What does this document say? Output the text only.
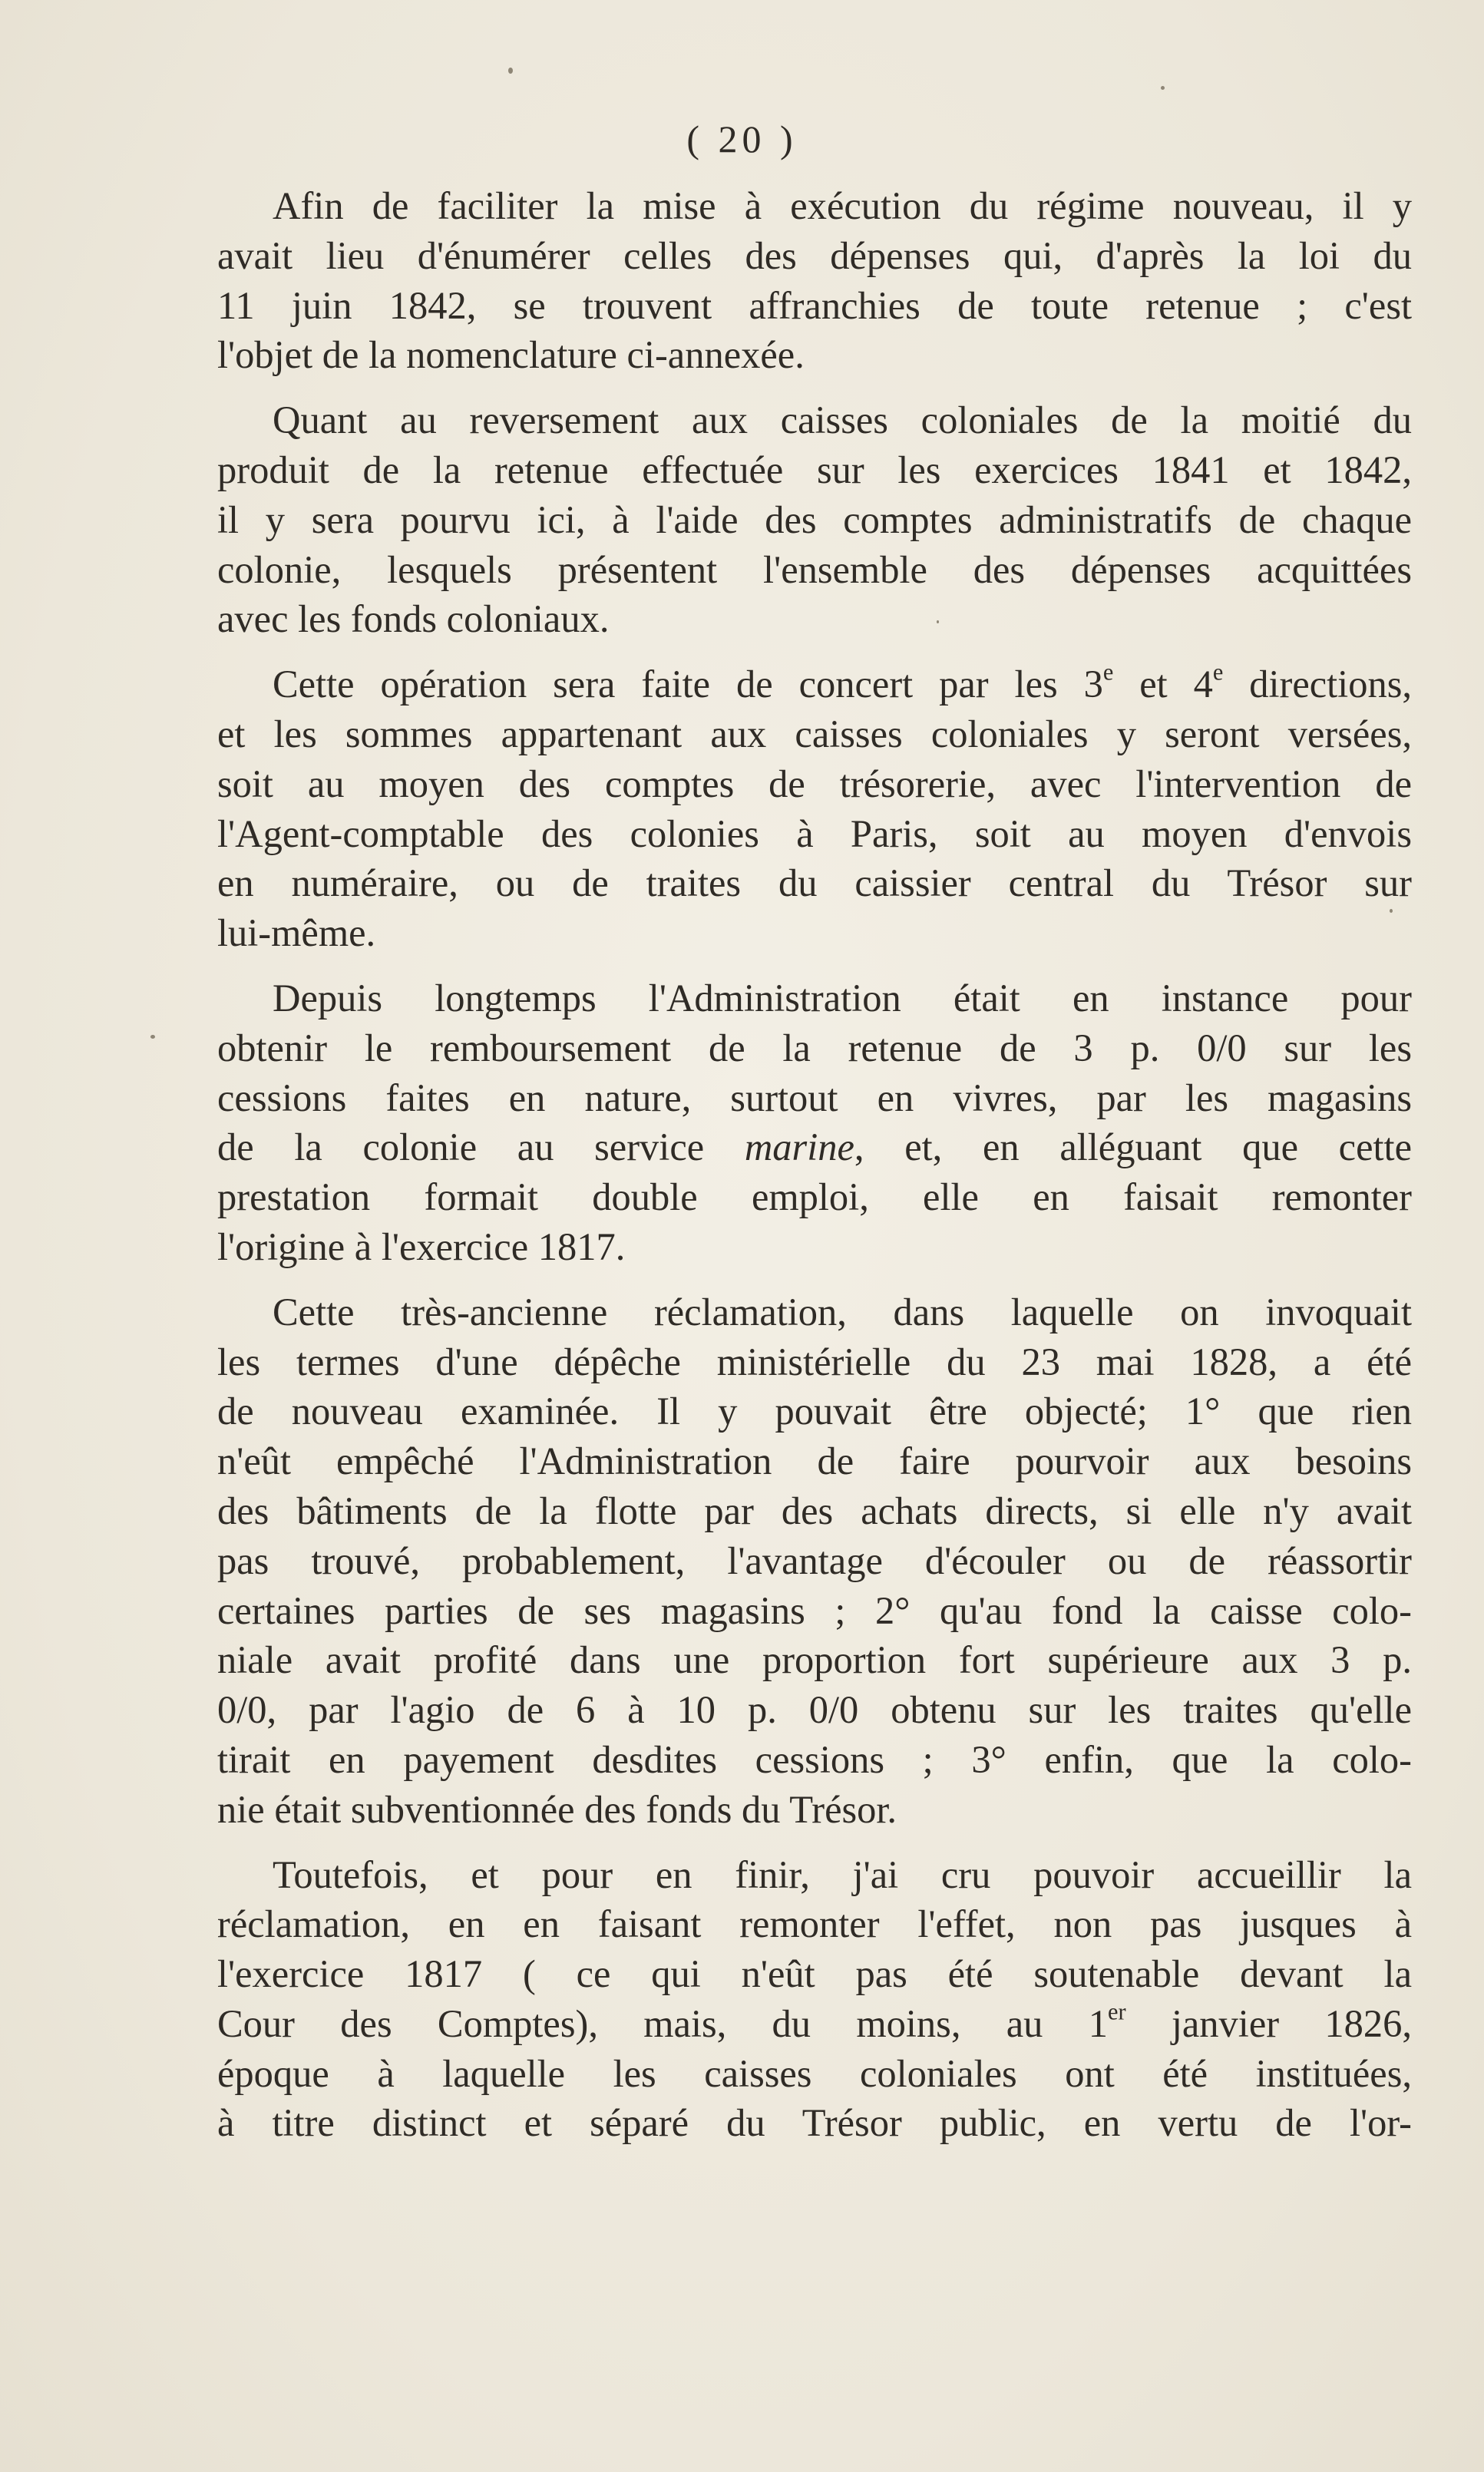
( 20 )

Afin de faciliter la mise à exécution du régime nouveau, il y
avait lieu d'énumérer celles des dépenses qui, d'après la loi du
11 juin 1842, se trouvent affranchies de toute retenue ; c'est
l'objet de la nomenclature ci-annexée.

Quant au reversement aux caisses coloniales de la moitié du
produit de la retenue effectuée sur les exercices 1841 et 1842,
il y sera pourvu ici, à l'aide des comptes administratifs de chaque
colonie, lesquels présentent l'ensemble des dépenses acquittées
avec les fonds coloniaux.

Cette opération sera faite de concert par les 3e et 4e directions,
et les sommes appartenant aux caisses coloniales y seront versées,
soit au moyen des comptes de trésorerie, avec l'intervention de
l'Agent-comptable des colonies à Paris, soit au moyen d'envois
en numéraire, ou de traites du caissier central du Trésor sur
lui-même.

Depuis longtemps l'Administration était en instance pour
obtenir le remboursement de la retenue de 3 p. 0/0 sur les
cessions faites en nature, surtout en vivres, par les magasins
de la colonie au service marine, et, en alléguant que cette
prestation formait double emploi, elle en faisait remonter
l'origine à l'exercice 1817.

Cette très-ancienne réclamation, dans laquelle on invoquait
les termes d'une dépêche ministérielle du 23 mai 1828, a été
de nouveau examinée. Il y pouvait être objecté; 1° que rien
n'eût empêché l'Administration de faire pourvoir aux besoins
des bâtiments de la flotte par des achats directs, si elle n'y avait
pas trouvé, probablement, l'avantage d'écouler ou de réassortir
certaines parties de ses magasins ; 2° qu'au fond la caisse colo-
niale avait profité dans une proportion fort supérieure aux 3 p.
0/0, par l'agio de 6 à 10 p. 0/0 obtenu sur les traites qu'elle
tirait en payement desdites cessions ; 3° enfin, que la colo-
nie était subventionnée des fonds du Trésor.

Toutefois, et pour en finir, j'ai cru pouvoir accueillir la
réclamation, en en faisant remonter l'effet, non pas jusques à
l'exercice 1817 ( ce qui n'eût pas été soutenable devant la
Cour des Comptes), mais, du moins, au 1er janvier 1826,
époque à laquelle les caisses coloniales ont été instituées,
à titre distinct et séparé du Trésor public, en vertu de l'or-
